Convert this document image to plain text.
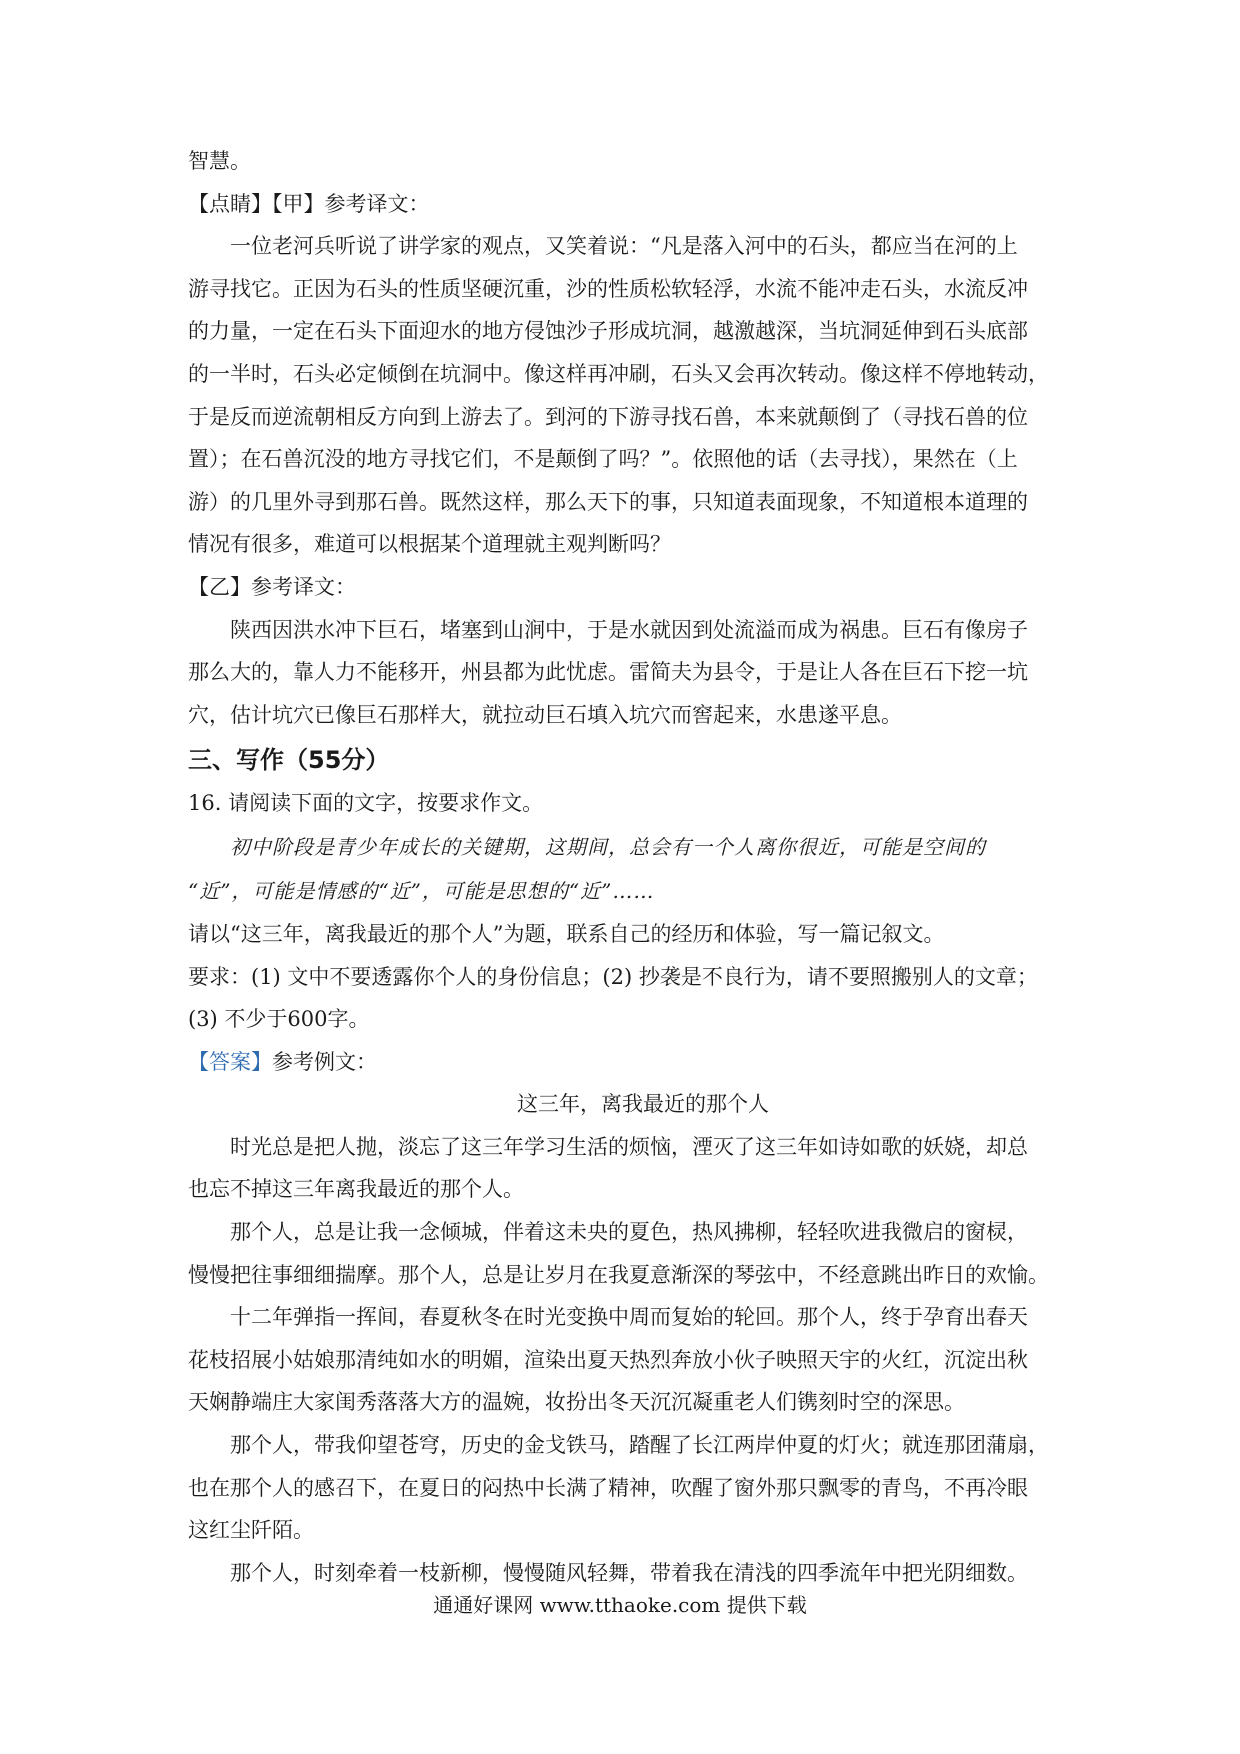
智慧。
【点睛】【甲】参考译文：
一位老河兵听说了讲学家的观点，又笑着说：“凡是落入河中的石头，都应当在河的上
游寻找它。正因为石头的性质坚硬沉重，沙的性质松软轻浮，水流不能冲走石头，水流反冲
的力量，一定在石头下面迎水的地方侵蚀沙子形成坑洞，越激越深，当坑洞延伸到石头底部
的一半时，石头必定倾倒在坑洞中。像这样再冲刷，石头又会再次转动。像这样不停地转动，
于是反而逆流朝相反方向到上游去了。到河的下游寻找石兽，本来就颠倒了（寻找石兽的位
置）；在石兽沉没的地方寻找它们，不是颠倒了吗？”。依照他的话（去寻找），果然在（上
游）的几里外寻到那石兽。既然这样，那么天下的事，只知道表面现象，不知道根本道理的
情况有很多，难道可以根据某个道理就主观判断吗？
【乙】参考译文：
陕西因洪水冲下巨石，堵塞到山涧中，于是水就因到处流溢而成为祸患。巨石有像房子
那么大的，靠人力不能移开，州县都为此忧虑。雷简夫为县令，于是让人各在巨石下挖一坑
穴，估计坑穴已像巨石那样大，就拉动巨石填入坑穴而窖起来，水患遂平息。
三、写作（55分）
16. 请阅读下面的文字，按要求作文。
初中阶段是青少年成长的关键期，这期间，总会有一个人离你很近，可能是空间的
“近”，可能是情感的“近”，可能是思想的“近”……
请以“这三年，离我最近的那个人”为题，联系自己的经历和体验，写一篇记叙文。
要求：(1) 文中不要透露你个人的身份信息；(2) 抄袭是不良行为，请不要照搬别人的文章；
(3) 不少于600字。
【答案】参考例文：
这三年，离我最近的那个人
时光总是把人抛，淡忘了这三年学习生活的烦恼，湮灭了这三年如诗如歌的妖娆，却总
也忘不掉这三年离我最近的那个人。
那个人，总是让我一念倾城，伴着这未央的夏色，热风拂柳，轻轻吹进我微启的窗棂，
慢慢把往事细细揣摩。那个人，总是让岁月在我夏意渐深的琴弦中，不经意跳出昨日的欢愉。
十二年弹指一挥间，春夏秋冬在时光变换中周而复始的轮回。那个人，终于孕育出春天
花枝招展小姑娘那清纯如水的明媚，渲染出夏天热烈奔放小伙子映照天宇的火红，沉淀出秋
天娴静端庄大家闺秀落落大方的温婉，妆扮出冬天沉沉凝重老人们镌刻时空的深思。
那个人，带我仰望苍穹，历史的金戈铁马，踏醒了长江两岸仲夏的灯火；就连那团蒲扇，
也在那个人的感召下，在夏日的闷热中长满了精神，吹醒了窗外那只飘零的青鸟，不再冷眼
这红尘阡陌。
那个人，时刻牵着一枝新柳，慢慢随风轻舞，带着我在清浅的四季流年中把光阴细数。
通通好课网 www.tthaoke.com 提供下载
